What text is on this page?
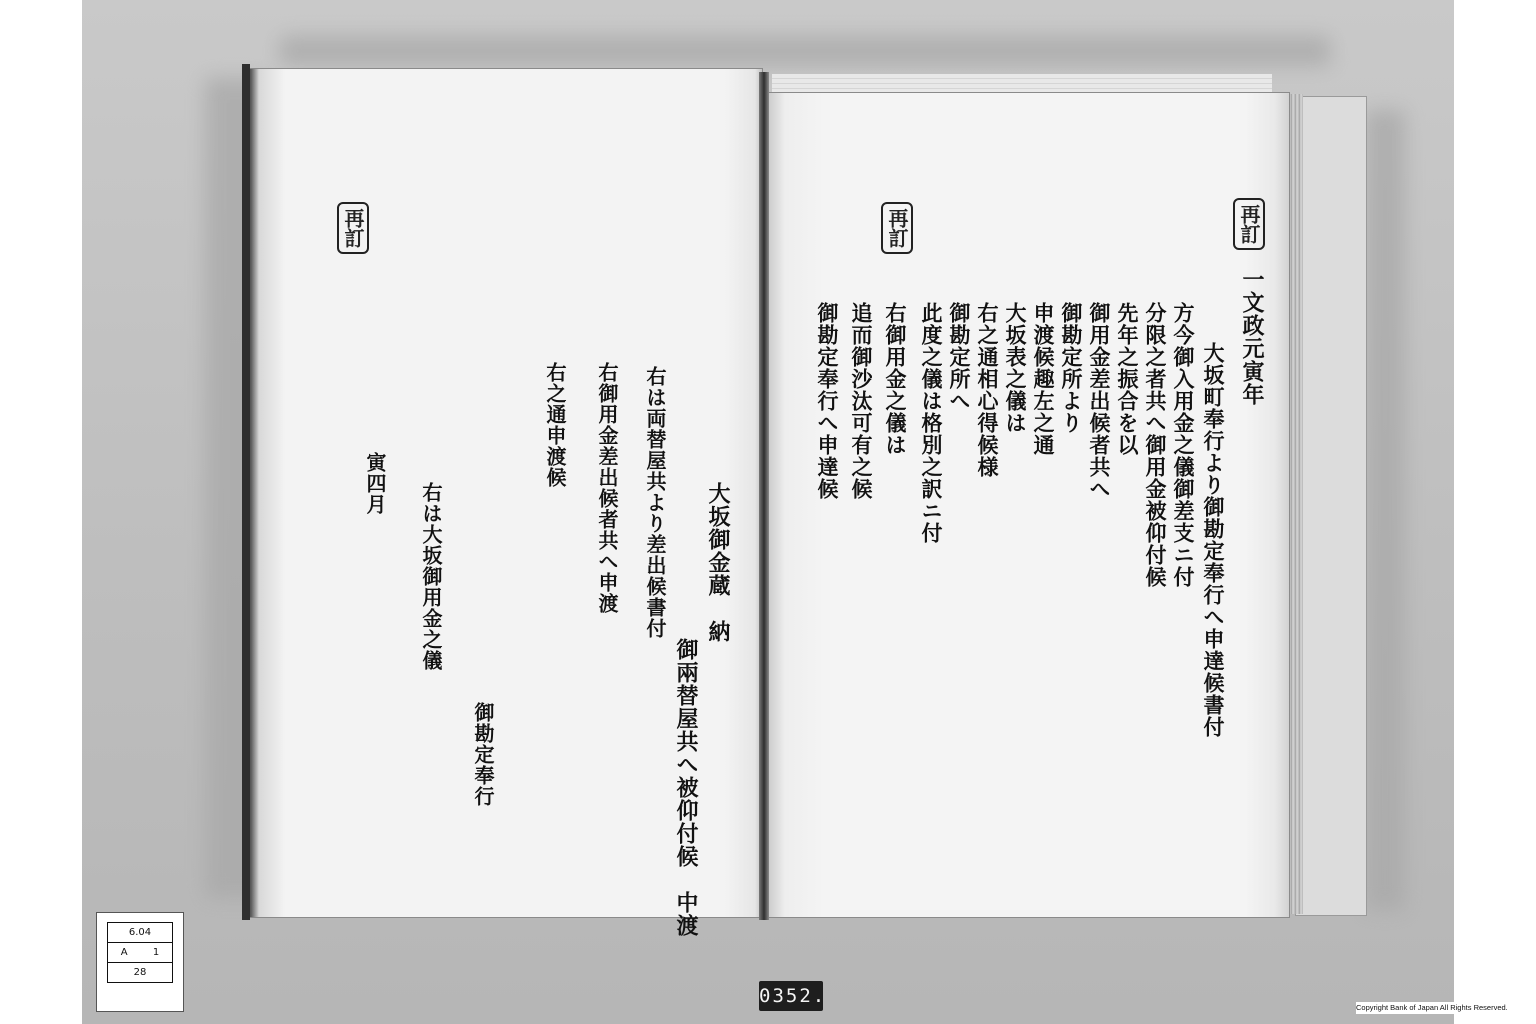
再訂
御兩替屋共へ被仰付候　中渡
右は両替屋共より差出候書付
右御用金差出候者共へ申渡	大坂御金蔵　納
右之通申渡候
御勘定奉行
右は大坂御用金之儀
寅四月
再訂	再訂
一文政元寅年
大坂町奉行より御勘定奉行へ申達候書付
方今御入用金之儀御差支ニ付
分限之者共へ御用金被仰付候
先年之振合を以
御用金差出候者共へ
御勘定所より
申渡候趣左之通
大坂表之儀は
右之通相心得候様
御勘定所へ
此度之儀は格別之訳ニ付
右御用金之儀は
追而御沙汰可有之候
御勘定奉行へ申達候
6.04
A	1
28
0352.
Copyright Bank of Japan All Rights Reserved.
